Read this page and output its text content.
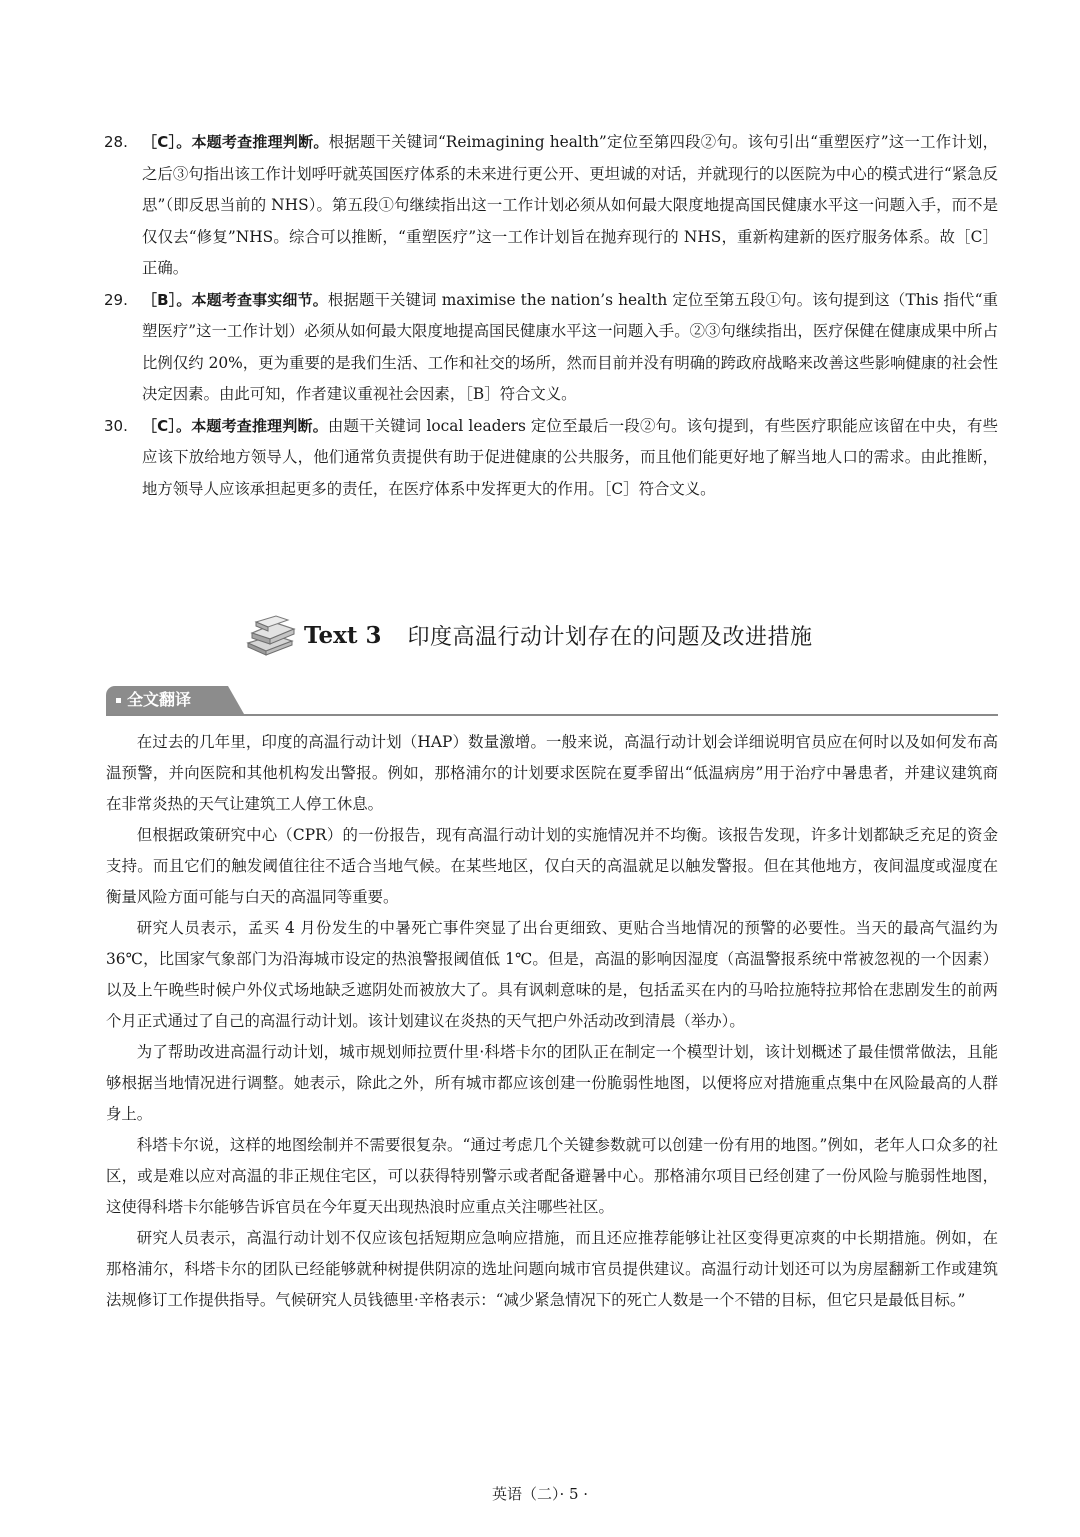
28. ［C］。本题考查推理判断。根据题干关键词“Reimagining health”定位至第四段②句。该句引出“重塑医疗”这一工作计划，之后③句指出该工作计划呼吁就英国医疗体系的未来进行更公开、更坦诚的对话，并就现行的以医院为中心的模式进行“紧急反思”（即反思当前的 NHS）。第五段①句继续指出这一工作计划必须从如何最大限度地提高国民健康水平这一问题入手，而不是仅仅去“修复”NHS。综合可以推断，“重塑医疗”这一工作计划旨在抛弃现行的 NHS，重新构建新的医疗服务体系。故［C］正确。
29. ［B］。本题考查事实细节。根据题干关键词 maximise the nation’s health 定位至第五段①句。该句提到这（This 指代“重塑医疗”这一工作计划）必须从如何最大限度地提高国民健康水平这一问题入手。②③句继续指出，医疗保健在健康成果中所占比例仅约 20%，更为重要的是我们生活、工作和社交的场所，然而目前并没有明确的跨政府战略来改善这些影响健康的社会性决定因素。由此可知，作者建议重视社会因素，［B］符合文义。
30. ［C］。本题考查推理判断。由题干关键词 local leaders 定位至最后一段②句。该句提到，有些医疗职能应该留在中央，有些应该下放给地方领导人，他们通常负责提供有助于促进健康的公共服务，而且他们能更好地了解当地人口的需求。由此推断，地方领导人应该承担起更多的责任，在医疗体系中发挥更大的作用。［C］符合文义。
Text 3 印度高温行动计划存在的问题及改进措施
全文翻译

在过去的几年里，印度的高温行动计划（HAP）数量激增。一般来说，高温行动计划会详细说明官员应在何时以及如何发布高温预警，并向医院和其他机构发出警报。例如，那格浦尔的计划要求医院在夏季留出“低温病房”用于治疗中暑患者，并建议建筑商在非常炎热的天气让建筑工人停工休息。

但根据政策研究中心（CPR）的一份报告，现有高温行动计划的实施情况并不均衡。该报告发现，许多计划都缺乏充足的资金支持。而且它们的触发阈值往往不适合当地气候。在某些地区，仅白天的高温就足以触发警报。但在其他地方，夜间温度或湿度在衡量风险方面可能与白天的高温同等重要。

研究人员表示，孟买 4 月份发生的中暑死亡事件突显了出台更细致、更贴合当地情况的预警的必要性。当天的最高气温约为 36℃，比国家气象部门为沿海城市设定的热浪警报阈值低 1℃。但是，高温的影响因湿度（高温警报系统中常被忽视的一个因素）以及上午晚些时候户外仪式场地缺乏遮阴处而被放大了。具有讽刺意味的是，包括孟买在内的马哈拉施特拉邦恰在悲剧发生的前两个月正式通过了自己的高温行动计划。该计划建议在炎热的天气把户外活动改到清晨（举办）。

为了帮助改进高温行动计划，城市规划师拉贾什里·科塔卡尔的团队正在制定一个模型计划，该计划概述了最佳惯常做法，且能够根据当地情况进行调整。她表示，除此之外，所有城市都应该创建一份脆弱性地图，以便将应对措施重点集中在风险最高的人群身上。

科塔卡尔说，这样的地图绘制并不需要很复杂。“通过考虑几个关键参数就可以创建一份有用的地图。”例如，老年人口众多的社区，或是难以应对高温的非正规住宅区，可以获得特别警示或者配备避暑中心。那格浦尔项目已经创建了一份风险与脆弱性地图，这使得科塔卡尔能够告诉官员在今年夏天出现热浪时应重点关注哪些社区。

研究人员表示，高温行动计划不仅应该包括短期应急响应措施，而且还应推荐能够让社区变得更凉爽的中长期措施。例如，在那格浦尔，科塔卡尔的团队已经能够就种树提供阴凉的选址问题向城市官员提供建议。高温行动计划还可以为房屋翻新工作或建筑法规修订工作提供指导。气候研究人员钱德里·辛格表示：“减少紧急情况下的死亡人数是一个不错的目标，但它只是最低目标。”

英语（二）· 5 ·
